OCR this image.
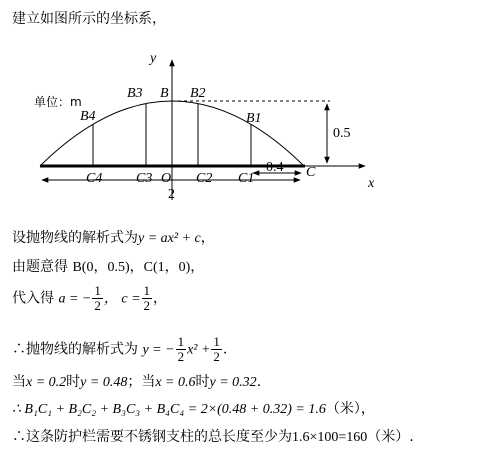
建立如图所示的坐标系，
y
x
单位：m
B B2
B3
B4	B1
C4 C3 O C2 C1	C
0.5
0.4
2
设抛物线的解析式为y = ax² + c，
由题意得 B(0，0.5)，C(1，0)，
代入得 a = − $\frac{1}{2}$ ， $c = \frac{1}{2}$ ，
∴抛物线的解析式为 y = − $\frac{1}{2} x^2 + \frac{1}{2}$ .
当x = 0.2时y = 0.48；当x = 0.6时y = 0.32.
∴ B₁C₁ + B₂C₂ + B₃C₃ + B₄C₄ = 2×(0.48 + 0.32) = 1.6（米），
∴这条防护栏需要不锈钢支柱的总长度至少为1.6×100=160（米）.
